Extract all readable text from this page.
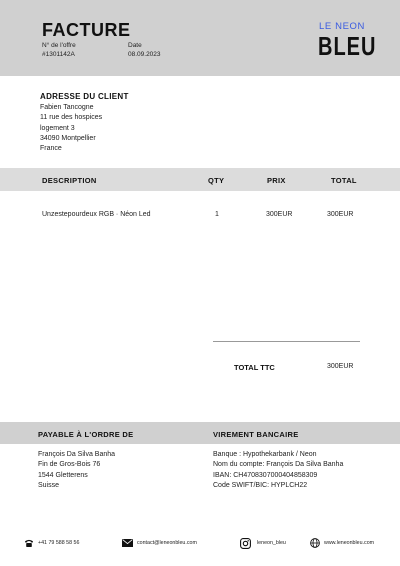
FACTURE
N° de l'offre
#1301142A
Date
08.09.2023
LE NEON
BLEU
ADRESSE DU CLIENT
Fabien Tancogne
11 rue des hospices
logement 3
34090 Montpellier
France
DESCRIPTION	QTY	PRIX	TOTAL
Unzestepourdeux RGB · Néon Led	1	300EUR	300EUR
TOTAL TTC	300EUR
PAYABLE À L'ORDRE DE	VIREMENT BANCAIRE
François Da Silva Banha
Fin de Gros-Bois 76
1544 Gletterens
Suisse
Banque : Hypothekarbank / Neon
Nom du compte: François Da Silva Banha
IBAN: CH4708307000404858309
Code SWIFT/BIC: HYPLCH22
+41 79 588 58 56	contact@leneonbleu.com	leneon_bleu	www.leneonbleu.com
